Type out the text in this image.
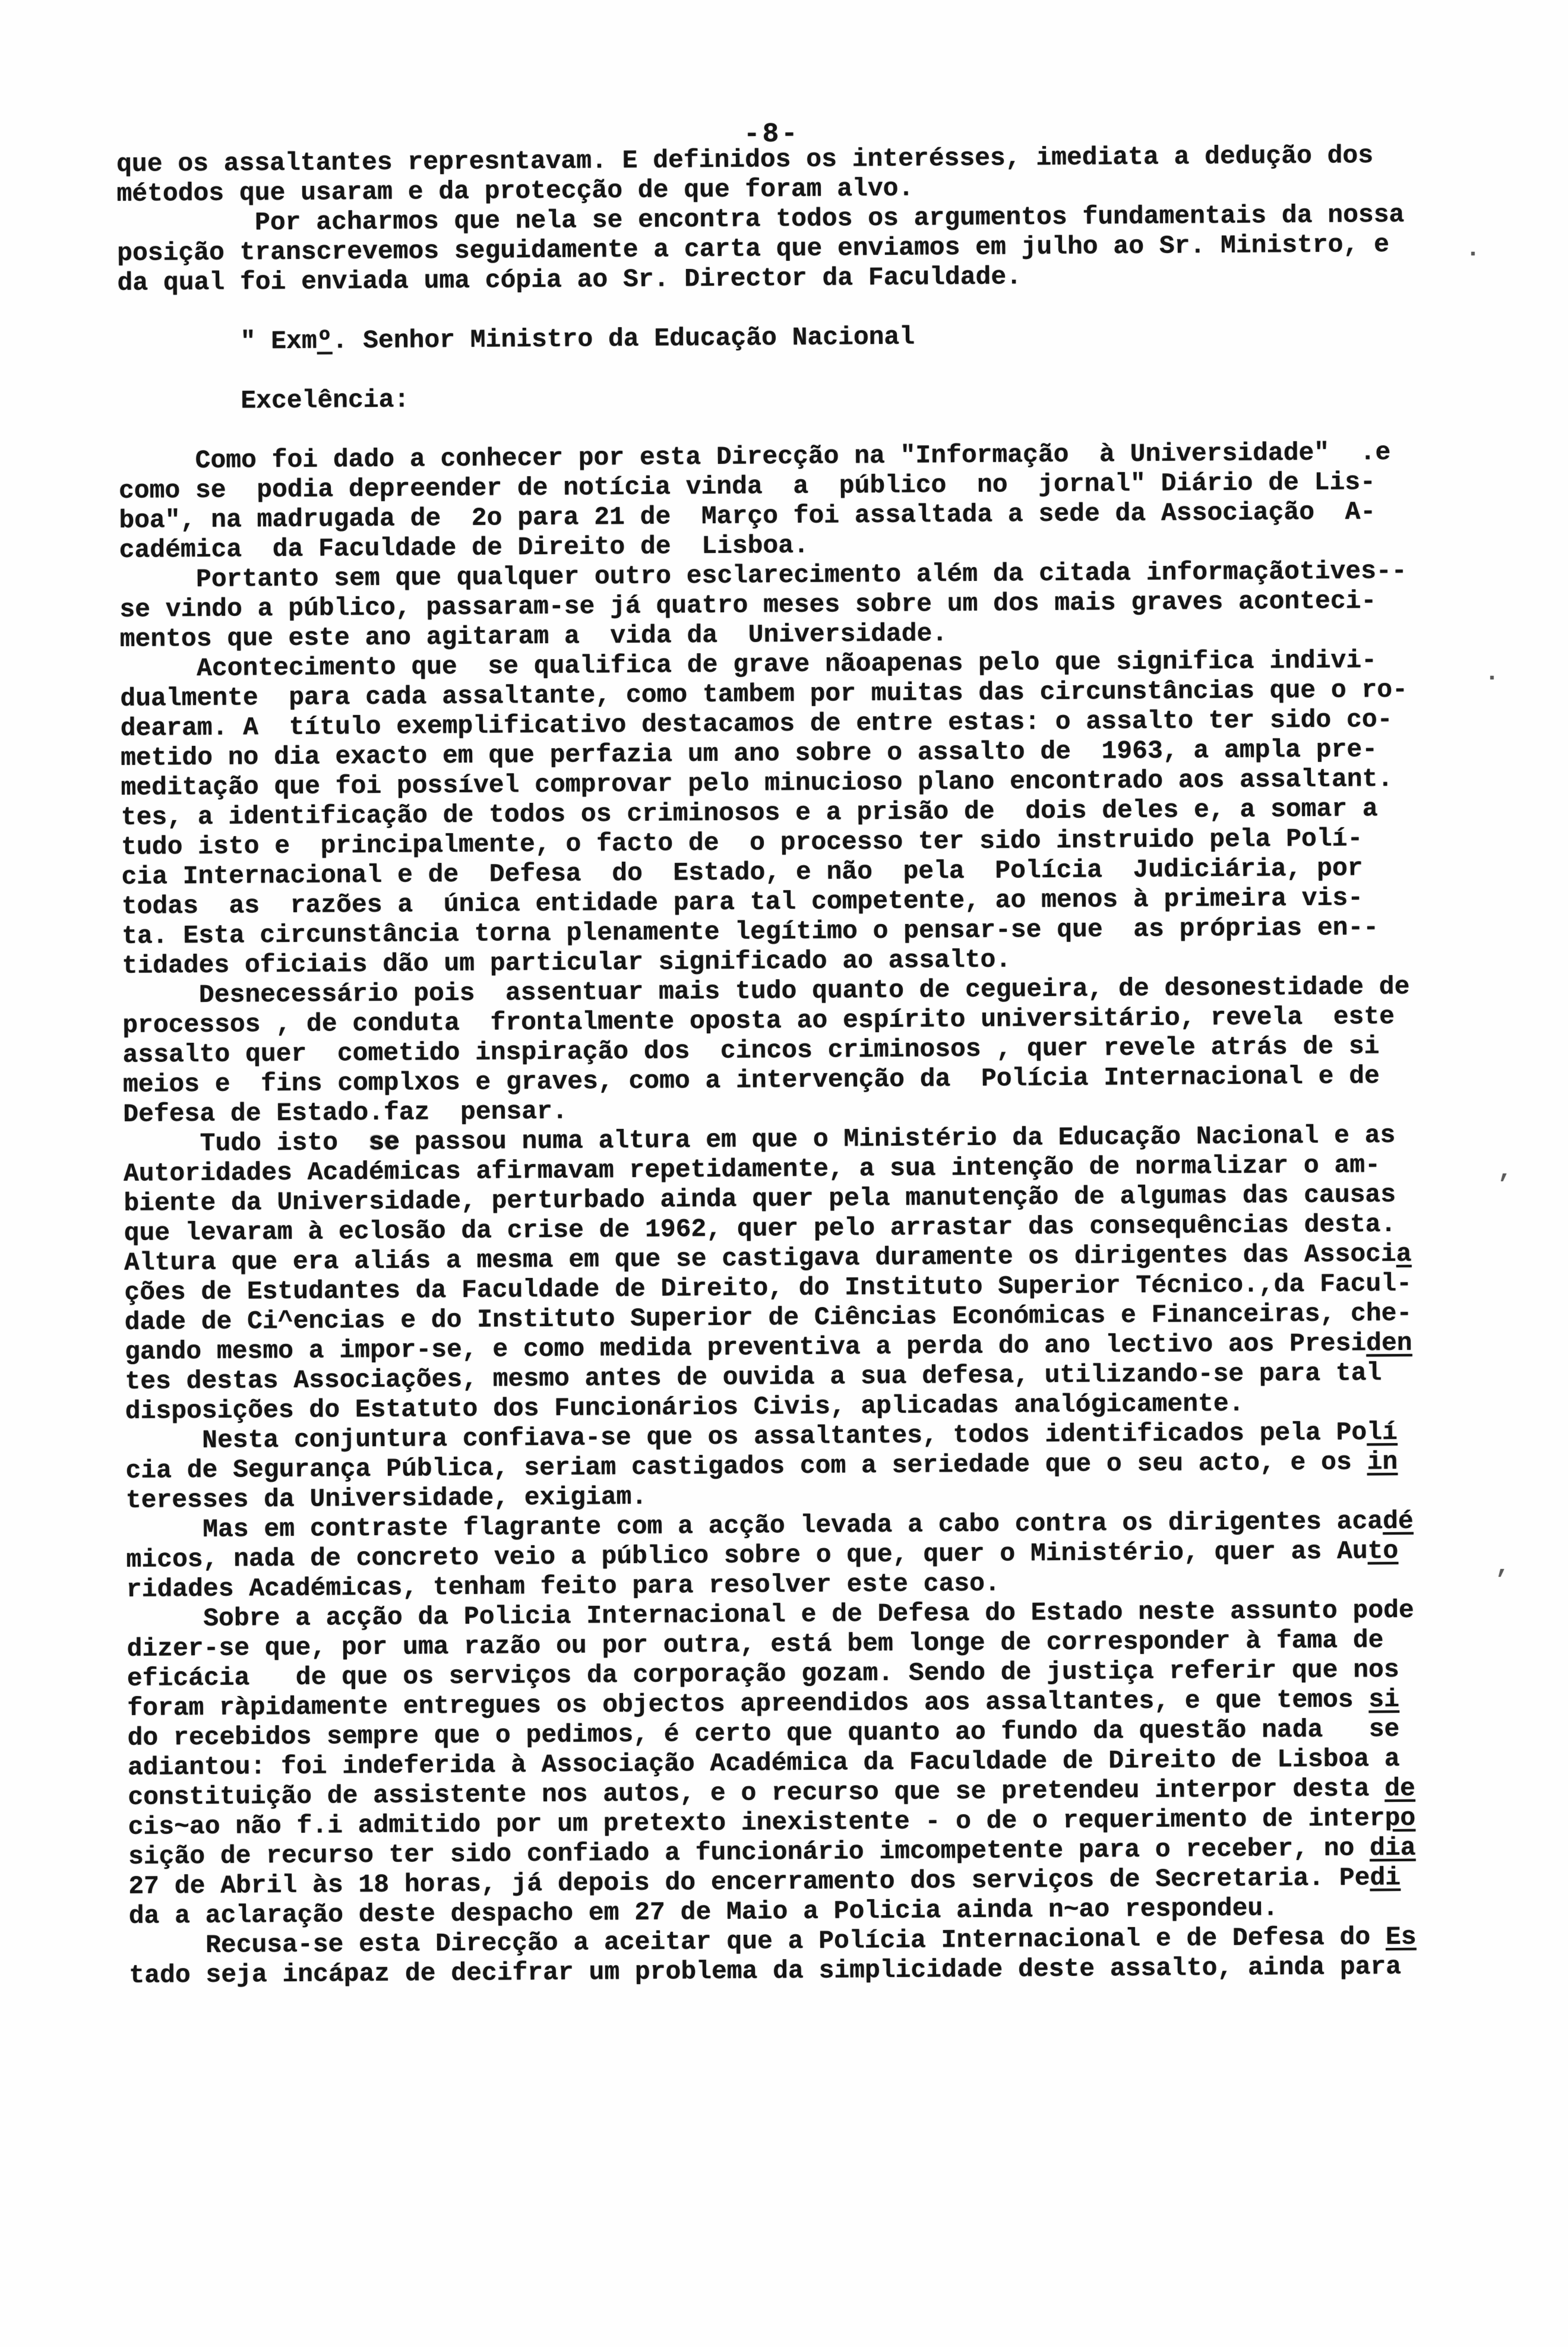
-8-
que os assaltantes represntavam. E definidos os interésses, imediata a dedução dos
métodos que usaram e da protecção de que foram alvo.
Por acharmos que nela se encontra todos os argumentos fundamentais da nossa
posição transcrevemos seguidamente a carta que enviamos em julho ao Sr. Ministro, e
da qual foi enviada uma cópia ao Sr. Director da Faculdade.

" Exmº. Senhor Ministro da Educação Nacional

Excelência:

Como foi dado a conhecer por esta Direcção na "Informação  à Universidade"  .e
como se  podia depreender de notícia vinda  a  público  no  jornal" Diário de Lis-
boa", na madrugada de  2o para 21 de  Março foi assaltada a sede da Associação  A-
cadémica  da Faculdade de Direito de  Lisboa.
Portanto sem que qualquer outro esclarecimento além da citada informaçãotives--
se vindo a público, passaram-se já quatro meses sobre um dos mais graves aconteci-
mentos que este ano agitaram a  vida da  Universidade.
Acontecimento que  se qualifica de grave nãoapenas pelo que significa indivi-
dualmente  para cada assaltante, como tambem por muitas das circunstâncias que o ro-
dearam. A  título exemplificativo destacamos de entre estas: o assalto ter sido co-
metido no dia exacto em que perfazia um ano sobre o assalto de  1963, a ampla pre-
meditação que foi possível comprovar pelo minucioso plano encontrado aos assaltant.
tes, a identificação de todos os criminosos e a prisão de  dois deles e, a somar a
tudo isto e  principalmente, o facto de  o processo ter sido instruido pela Polí-
cia Internacional e de  Defesa  do  Estado, e não  pela  Polícia  Judiciária, por
todas  as  razões a  única entidade para tal competente, ao menos à primeira vis-
ta. Esta circunstância torna plenamente legítimo o pensar-se que  as próprias en--
tidades oficiais dão um particular significado ao assalto.
Desnecessário pois  assentuar mais tudo quanto de cegueira, de desonestidade de
processos , de conduta  frontalmente oposta ao espírito universitário, revela  este
assalto quer  cometido inspiração dos  cincos criminosos , quer revele atrás de si
meios e  fins complxos e graves, como a intervenção da  Polícia Internacional e de
Defesa de Estado.faz  pensar.
Tudo isto  se passou numa altura em que o Ministério da Educação Nacional e as
Autoridades Académicas afirmavam repetidamente, a sua intenção de normalizar o am-
biente da Universidade, perturbado ainda quer pela manutenção de algumas das causas
que levaram à eclosão da crise de 1962, quer pelo arrastar das consequências desta.
Altura que era aliás a mesma em que se castigava duramente os dirigentes das Associa
ções de Estudantes da Faculdade de Direito, do Instituto Superior Técnico.,da Facul-
dade de Ci^encias e do Instituto Superior de Ciências Económicas e Financeiras, che-
gando mesmo a impor-se, e como medida preventiva a perda do ano lectivo aos Presiden
tes destas Associações, mesmo antes de ouvida a sua defesa, utilizando-se para tal
disposições do Estatuto dos Funcionários Civis, aplicadas analógicamente.
Nesta conjuntura confiava-se que os assaltantes, todos identificados pela Polí
cia de Segurança Pública, seriam castigados com a seriedade que o seu acto, e os in
teresses da Universidade, exigiam.
Mas em contraste flagrante com a acção levada a cabo contra os dirigentes acadé
micos, nada de concreto veio a público sobre o que, quer o Ministério, quer as Auto
ridades Académicas, tenham feito para resolver este caso.
Sobre a acção da Policia Internacional e de Defesa do Estado neste assunto pode
dizer-se que, por uma razão ou por outra, está bem longe de corresponder à fama de
eficácia   de que os serviços da corporação gozam. Sendo de justiça referir que nos
foram ràpidamente entregues os objectos apreendidos aos assaltantes, e que temos si
do recebidos sempre que o pedimos, é certo que quanto ao fundo da questão nada   se
adiantou: foi indeferida à Associação Académica da Faculdade de Direito de Lisboa a
constituição de assistente nos autos, e o recurso que se pretendeu interpor desta de
cis~ao não f.i admitido por um pretexto inexistente - o de o requerimento de interpo
sição de recurso ter sido confiado a funcionário imcompetente para o receber, no dia
27 de Abril às 18 horas, já depois do encerramento dos serviços de Secretaria. Pedi
da a aclaração deste despacho em 27 de Maio a Policia ainda n~ao respondeu.
Recusa-se esta Direcção a aceitar que a Polícia Internacional e de Defesa do Es
tado seja incápaz de decifrar um problema da simplicidade deste assalto, ainda para
.
.
,
,
